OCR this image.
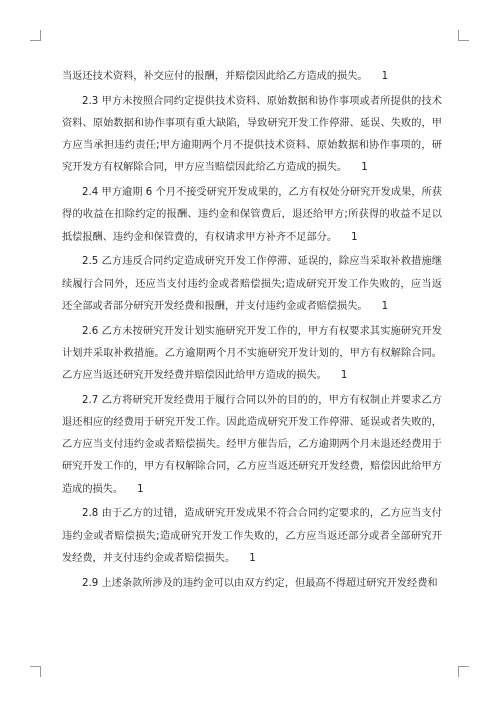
当返还技术资料，补交应付的报酬，并赔偿因此给乙方造成的损失。 1

2.3 甲方未按照合同约定提供技术资料、原始数据和协作事项或者所提供的技术资料、原始数据和协作事项有重大缺陷，导致研究开发工作停滞、延误、失败的，甲方应当承担违约责任;甲方逾期两个月不提供技术资料、原始数据和协作事项的，研究开发方有权解除合同，甲方应当赔偿因此给乙方造成的损失。 1

2.4 甲方逾期 6 个月不接受研究开发成果的，乙方有权处分研究开发成果，所获得的收益在扣除约定的报酬、违约金和保管费后，退还给甲方;所获得的收益不足以抵偿报酬、违约金和保管费的，有权请求甲方补齐不足部分。 1

2.5 乙方违反合同约定造成研究开发工作停滞、延误的，除应当采取补救措施继续履行合同外，还应当支付违约金或者赔偿损失;造成研究开发工作失败的，应当返还全部或者部分研究开发经费和报酬，并支付违约金或者赔偿损失。 1

2.6 乙方未按研究开发计划实施研究开发工作的，甲方有权要求其实施研究开发计划并采取补救措施。乙方逾期两个月不实施研究开发计划的，甲方有权解除合同。乙方应当返还研究开发经费并赔偿因此给甲方造成的损失。 1

2.7 乙方将研究开发经费用于履行合同以外的目的的，甲方有权制止并要求乙方退还相应的经费用于研究开发工作。因此造成研究开发工作停滞、延误或者失败的，乙方应当支付违约金或者赔偿损失。经甲方催告后，乙方逾期两个月未退还经费用于研究开发工作的，甲方有权解除合同，乙方应当返还研究开发经费，赔偿因此给甲方造成的损失。 1

2.8 由于乙方的过错，造成研究开发成果不符合合同约定要求的，乙方应当支付违约金或者赔偿损失;造成研究开发工作失败的，乙方应当返还部分或者全部研究开发经费，并支付违约金或者赔偿损失。 1

2.9 上述条款所涉及的违约金可以由双方约定，但最高不得超过研究开发经费和
